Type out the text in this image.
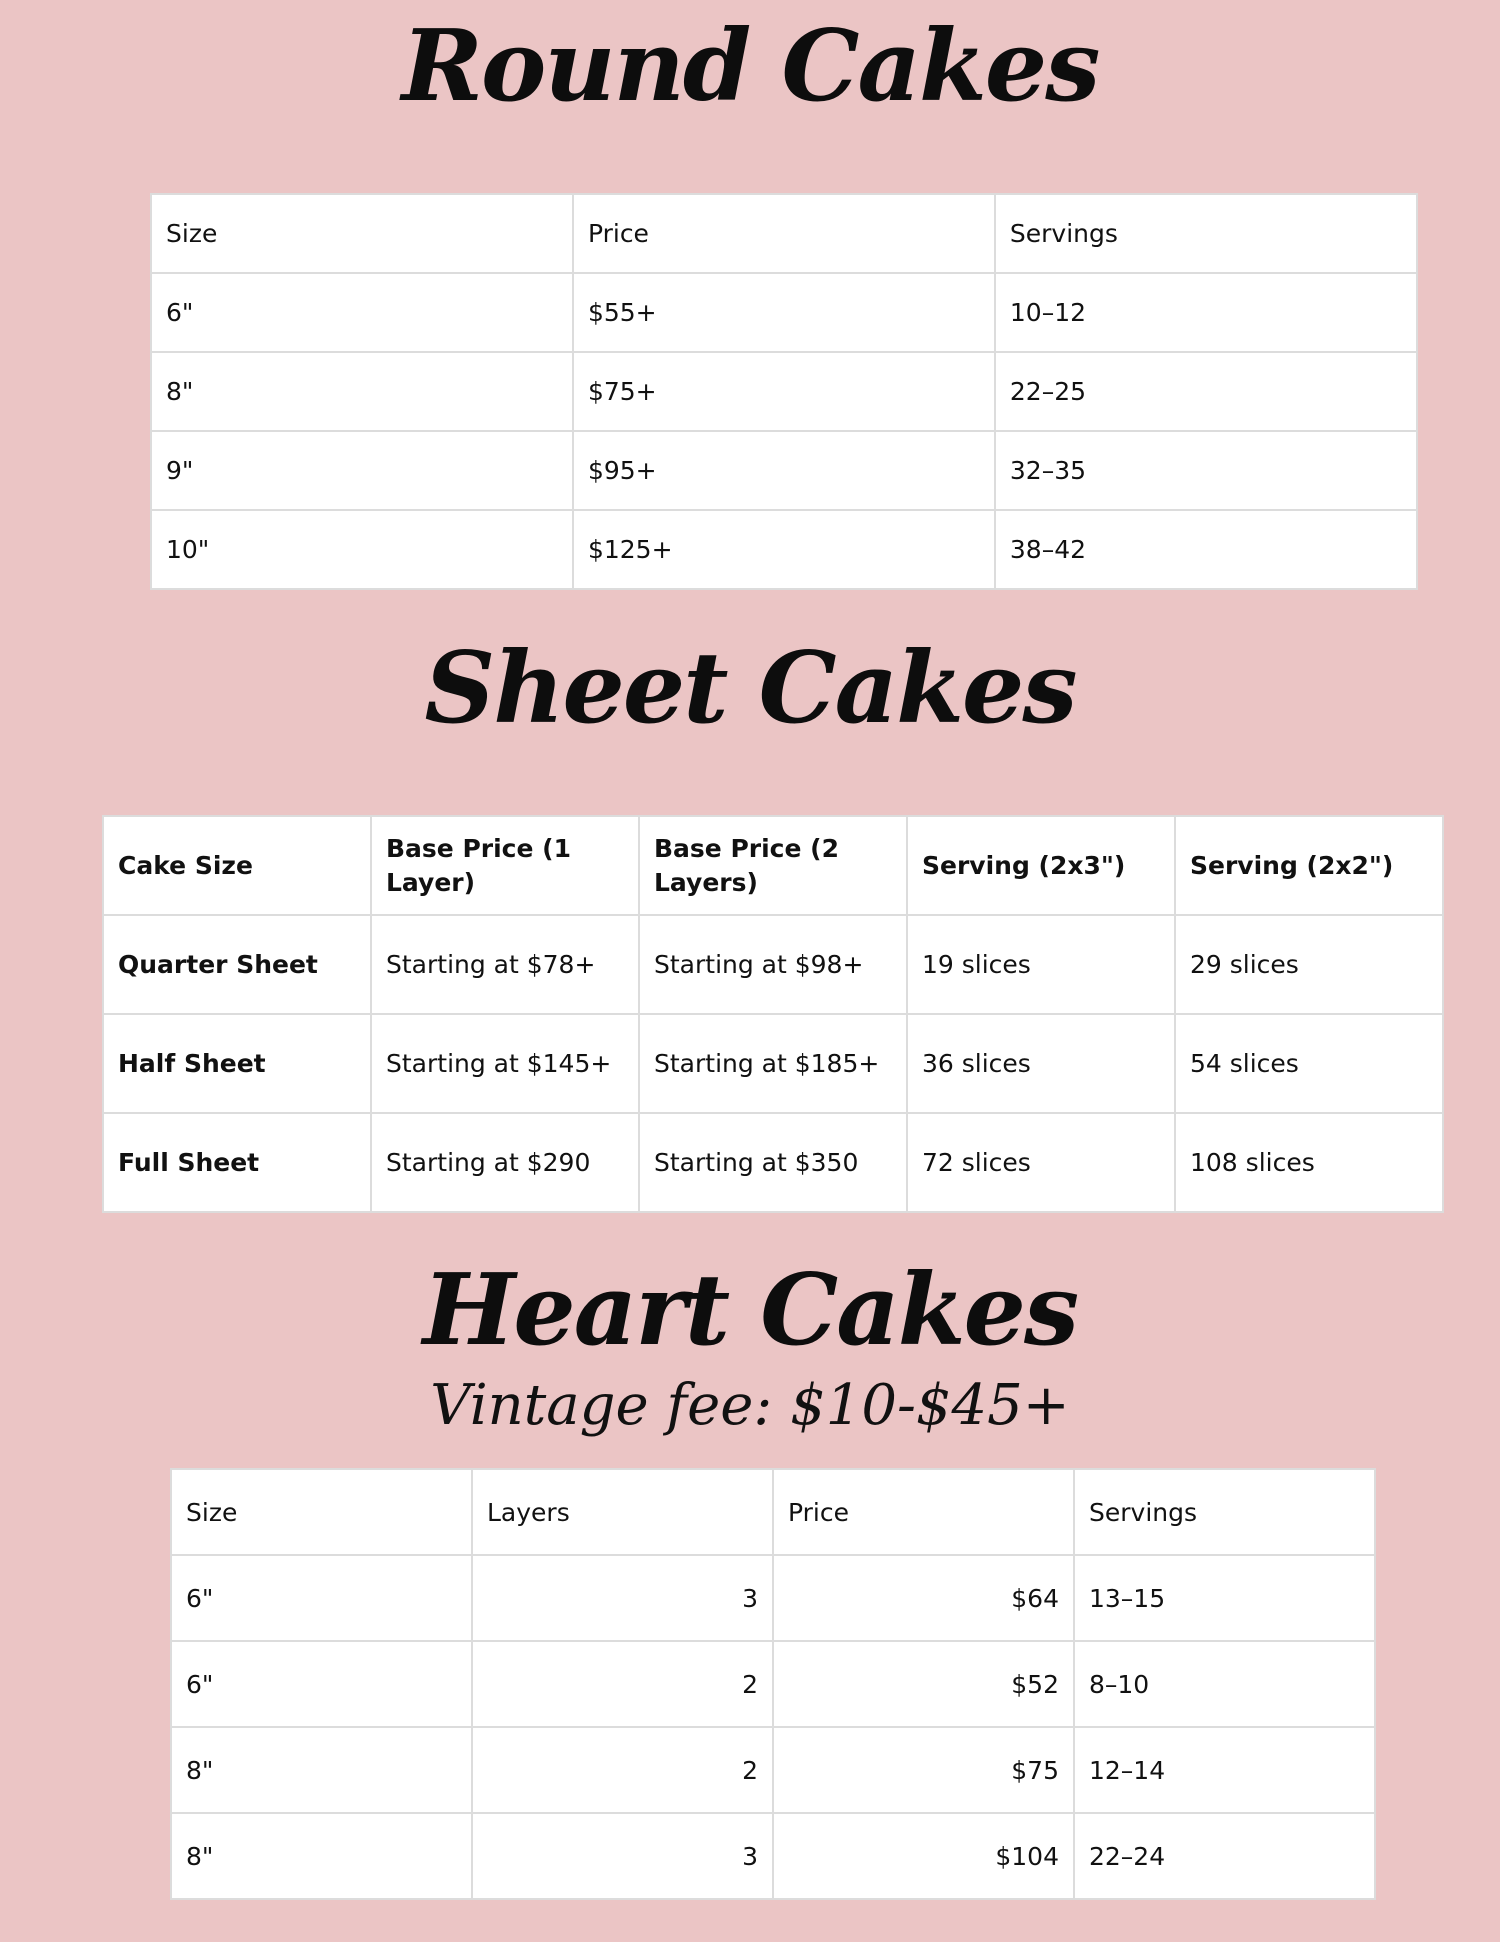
Round Cakes
Size	Price	Servings
6"	$55+	10–12
8"	$75+	22–25
9"	$95+	32–35
10"	$125+	38–42
Sheet Cakes
Cake Size	Base Price (1 Layer)	Base Price (2 Layers)	Serving (2x3")	Serving (2x2")
Quarter Sheet	Starting at $78+	Starting at $98+	19 slices	29 slices
Half Sheet	Starting at $145+	Starting at $185+	36 slices	54 slices
Full Sheet	Starting at $290	Starting at $350	72 slices	108 slices
Heart Cakes

Vintage fee: $10-$45+

Size	Layers	Price	Servings
6"	3	$64	13–15
6"	2	$52	8–10
8"	2	$75	12–14
8"	3	$104	22–24
